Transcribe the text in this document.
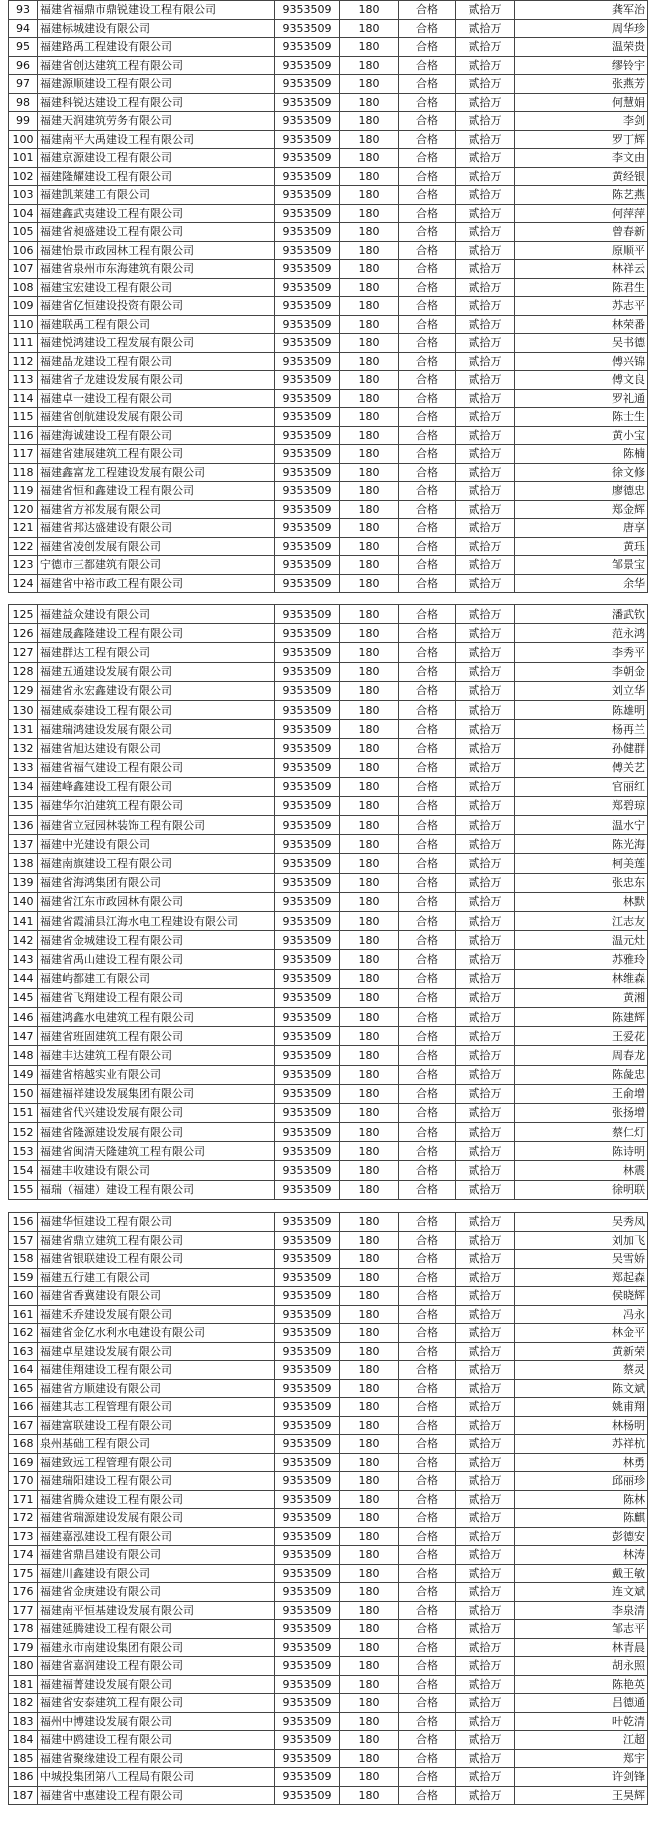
93	福建省福鼎市鼎锐建设工程有限公司	9353509	180	合格	贰拾万	龚军治
94	福建标城建设有限公司	9353509	180	合格	贰拾万	周华珍
95	福建路禹工程建设有限公司	9353509	180	合格	贰拾万	温荣贵
96	福建省创达建筑工程有限公司	9353509	180	合格	贰拾万	缪铃宇
97	福建源顺建设工程有限公司	9353509	180	合格	贰拾万	张燕芳
98	福建科锐达建设工程有限公司	9353509	180	合格	贰拾万	何慧娟
99	福建天润建筑劳务有限公司	9353509	180	合格	贰拾万	李剑
100	福建南平大禹建设工程有限公司	9353509	180	合格	贰拾万	罗丁辉
101	福建京源建设工程有限公司	9353509	180	合格	贰拾万	李文由
102	福建隆耀建设工程有限公司	9353509	180	合格	贰拾万	黄经银
103	福建凯莱建工有限公司	9353509	180	合格	贰拾万	陈艺燕
104	福建鑫武夷建设工程有限公司	9353509	180	合格	贰拾万	何萍萍
105	福建省昶盛建设工程有限公司	9353509	180	合格	贰拾万	曾春新
106	福建怡景市政园林工程有限公司	9353509	180	合格	贰拾万	原顺平
107	福建省泉州市东海建筑有限公司	9353509	180	合格	贰拾万	林祥云
108	福建宝宏建设工程有限公司	9353509	180	合格	贰拾万	陈君生
109	福建省亿恒建设投资有限公司	9353509	180	合格	贰拾万	苏志平
110	福建联禹工程有限公司	9353509	180	合格	贰拾万	林荣番
111	福建悦鸿建设工程发展有限公司	9353509	180	合格	贰拾万	吴书德
112	福建晶龙建设工程有限公司	9353509	180	合格	贰拾万	傅兴锦
113	福建省子龙建设发展有限公司	9353509	180	合格	贰拾万	傅文良
114	福建卓一建设工程有限公司	9353509	180	合格	贰拾万	罗礼通
115	福建省创航建设发展有限公司	9353509	180	合格	贰拾万	陈士生
116	福建海诚建设工程有限公司	9353509	180	合格	贰拾万	黄小宝
117	福建省建展建筑工程有限公司	9353509	180	合格	贰拾万	陈楠
118	福建鑫富龙工程建设发展有限公司	9353509	180	合格	贰拾万	徐文修
119	福建省恒和鑫建设工程有限公司	9353509	180	合格	贰拾万	廖德忠
120	福建省方祁发展有限公司	9353509	180	合格	贰拾万	郑金辉
121	福建省邦达盛建设有限公司	9353509	180	合格	贰拾万	唐享
122	福建省凌创发展有限公司	9353509	180	合格	贰拾万	黄珏
123	宁德市三都建筑有限公司	9353509	180	合格	贰拾万	邹景宝
124	福建省中裕市政工程有限公司	9353509	180	合格	贰拾万	余华
125	福建益众建设有限公司	9353509	180	合格	贰拾万	潘武钦
126	福建晟鑫隆建设工程有限公司	9353509	180	合格	贰拾万	范永鸿
127	福建群达工程有限公司	9353509	180	合格	贰拾万	李秀平
128	福建五通建设发展有限公司	9353509	180	合格	贰拾万	李朝金
129	福建省永宏鑫建设有限公司	9353509	180	合格	贰拾万	刘立华
130	福建威泰建设工程有限公司	9353509	180	合格	贰拾万	陈雄明
131	福建瑞鸿建设发展有限公司	9353509	180	合格	贰拾万	杨再兰
132	福建省旭达建设有限公司	9353509	180	合格	贰拾万	孙健群
133	福建省福气建设工程有限公司	9353509	180	合格	贰拾万	傅关艺
134	福建峰鑫建设工程有限公司	9353509	180	合格	贰拾万	官丽红
135	福建华尔泊建筑工程有限公司	9353509	180	合格	贰拾万	郑碧琼
136	福建省立冠园林装饰工程有限公司	9353509	180	合格	贰拾万	温水宁
137	福建中光建设有限公司	9353509	180	合格	贰拾万	陈光海
138	福建南旗建设工程有限公司	9353509	180	合格	贰拾万	柯美莲
139	福建省海鸿集团有限公司	9353509	180	合格	贰拾万	张忠东
140	福建省江东市政园林有限公司	9353509	180	合格	贰拾万	林默
141	福建省霞浦县江海水电工程建设有限公司	9353509	180	合格	贰拾万	江志友
142	福建省金城建设工程有限公司	9353509	180	合格	贰拾万	温元灶
143	福建省禹山建设工程有限公司	9353509	180	合格	贰拾万	苏雅玲
144	福建屿都建工有限公司	9353509	180	合格	贰拾万	林维森
145	福建省飞翔建设工程有限公司	9353509	180	合格	贰拾万	黄湘
146	福建鸿鑫水电建筑工程有限公司	9353509	180	合格	贰拾万	陈建辉
147	福建省班固建筑工程有限公司	9353509	180	合格	贰拾万	王爱花
148	福建丰达建筑工程有限公司	9353509	180	合格	贰拾万	周春龙
149	福建省榕越实业有限公司	9353509	180	合格	贰拾万	陈彘忠
150	福建福祥建设发展集团有限公司	9353509	180	合格	贰拾万	王俞增
151	福建省代兴建设发展有限公司	9353509	180	合格	贰拾万	张扬增
152	福建省隆源建设发展有限公司	9353509	180	合格	贰拾万	蔡仁灯
153	福建省闽清天隆建筑工程有限公司	9353509	180	合格	贰拾万	陈诗明
154	福建丰收建设有限公司	9353509	180	合格	贰拾万	林震
155	福瑞（福建）建设工程有限公司	9353509	180	合格	贰拾万	徐明联
156	福建华恒建设工程有限公司	9353509	180	合格	贰拾万	吴秀凤
157	福建省鼎立建筑工程有限公司	9353509	180	合格	贰拾万	刘加飞
158	福建省银联建设工程有限公司	9353509	180	合格	贰拾万	吴雪娇
159	福建五行建工有限公司	9353509	180	合格	贰拾万	郑起森
160	福建省香冀建设有限公司	9353509	180	合格	贰拾万	侯晓辉
161	福建禾乔建设发展有限公司	9353509	180	合格	贰拾万	冯永
162	福建省金亿水利水电建设有限公司	9353509	180	合格	贰拾万	林金平
163	福建卓星建设发展有限公司	9353509	180	合格	贰拾万	黄新荣
164	福建佳翔建设工程有限公司	9353509	180	合格	贰拾万	蔡灵
165	福建省方顺建设有限公司	9353509	180	合格	贰拾万	陈文斌
166	福建其志工程管理有限公司	9353509	180	合格	贰拾万	姚甫翔
167	福建富联建设工程有限公司	9353509	180	合格	贰拾万	林杨明
168	泉州基础工程有限公司	9353509	180	合格	贰拾万	苏祥杭
169	福建致远工程管理有限公司	9353509	180	合格	贰拾万	林勇
170	福建瑞阳建设工程有限公司	9353509	180	合格	贰拾万	邱丽珍
171	福建省腾众建设工程有限公司	9353509	180	合格	贰拾万	陈林
172	福建省瑞源建设发展有限公司	9353509	180	合格	贰拾万	陈麒
173	福建嘉泓建设工程有限公司	9353509	180	合格	贰拾万	彭德安
174	福建省鼎昌建设有限公司	9353509	180	合格	贰拾万	林涛
175	福建川鑫建设有限公司	9353509	180	合格	贰拾万	戴王敏
176	福建省金庚建设有限公司	9353509	180	合格	贰拾万	连文斌
177	福建南平恒基建设发展有限公司	9353509	180	合格	贰拾万	李泉清
178	福建延腾建设工程有限公司	9353509	180	合格	贰拾万	邹志平
179	福建永市南建设集团有限公司	9353509	180	合格	贰拾万	林青晨
180	福建省嘉润建设工程有限公司	9353509	180	合格	贰拾万	胡永照
181	福建福菁建设发展有限公司	9353509	180	合格	贰拾万	陈艳英
182	福建省安泰建筑工程有限公司	9353509	180	合格	贰拾万	吕德通
183	福州中博建设发展有限公司	9353509	180	合格	贰拾万	叶乾清
184	福建中鸥建设工程有限公司	9353509	180	合格	贰拾万	江超
185	福建省聚缘建设工程有限公司	9353509	180	合格	贰拾万	郑宇
186	中城投集团第八工程局有限公司	9353509	180	合格	贰拾万	许剑锋
187	福建省中惠建设工程有限公司	9353509	180	合格	贰拾万	王昊辉
